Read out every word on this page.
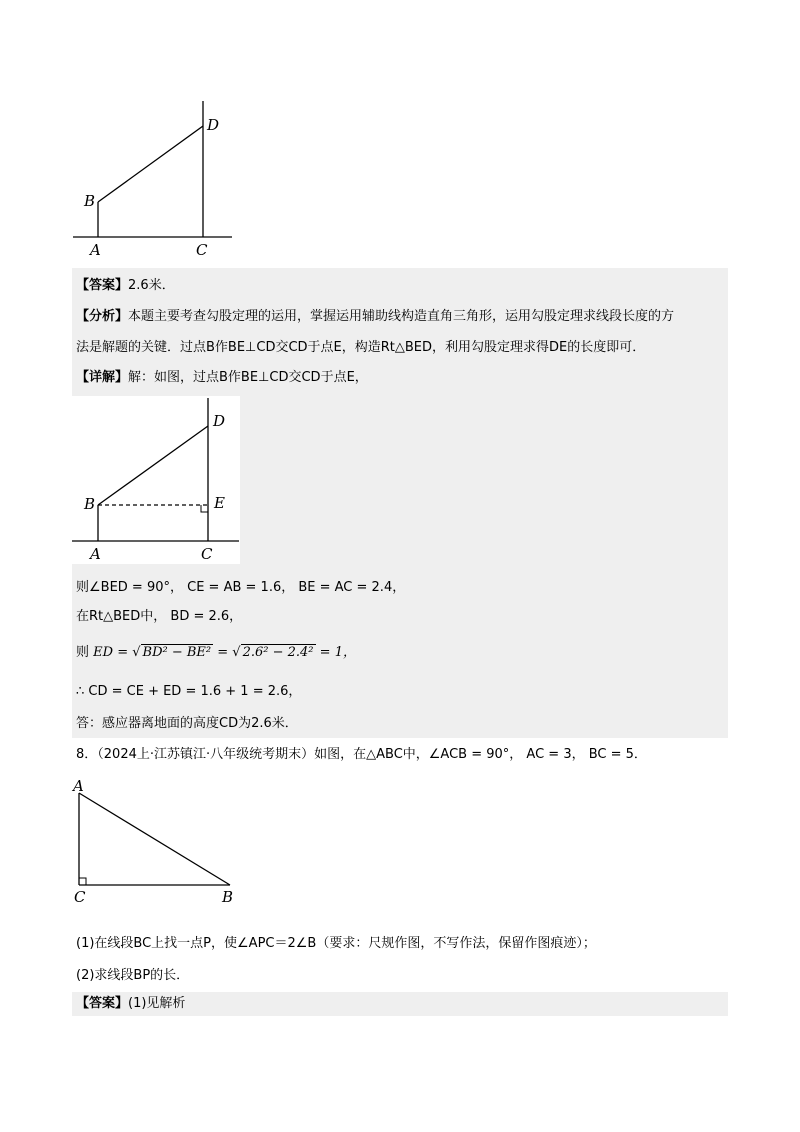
D
B
A	C
【答案】2.6米．
【分析】本题主要考查勾股定理的运用，掌握运用辅助线构造直角三角形，运用勾股定理求线段长度的方
法是解题的关键．过点B作BE⊥CD交CD于点E，构造Rt△BED，利用勾股定理求得DE的长度即可．
【详解】解：如图，过点B作BE⊥CD交CD于点E，
D
B	E
A	C
则∠BED = 90°， CE = AB = 1.6， BE = AC = 2.4，
在Rt△BED中， BD = 2.6，
则 ED = √ BD² − BE² = √ 2.6² − 2.4² = 1，
∴ CD = CE + ED = 1.6 + 1 = 2.6，
答：感应器离地面的高度CD为2.6米．
8．（2024上·江苏镇江·八年级统考期末）如图，在△ABC中，∠ACB = 90°， AC = 3， BC = 5．
A
C	B
(1)在线段BC上找一点P，使∠APC＝2∠B（要求：尺规作图，不写作法，保留作图痕迹）；
(2)求线段BP的长．
【答案】(1)见解析
